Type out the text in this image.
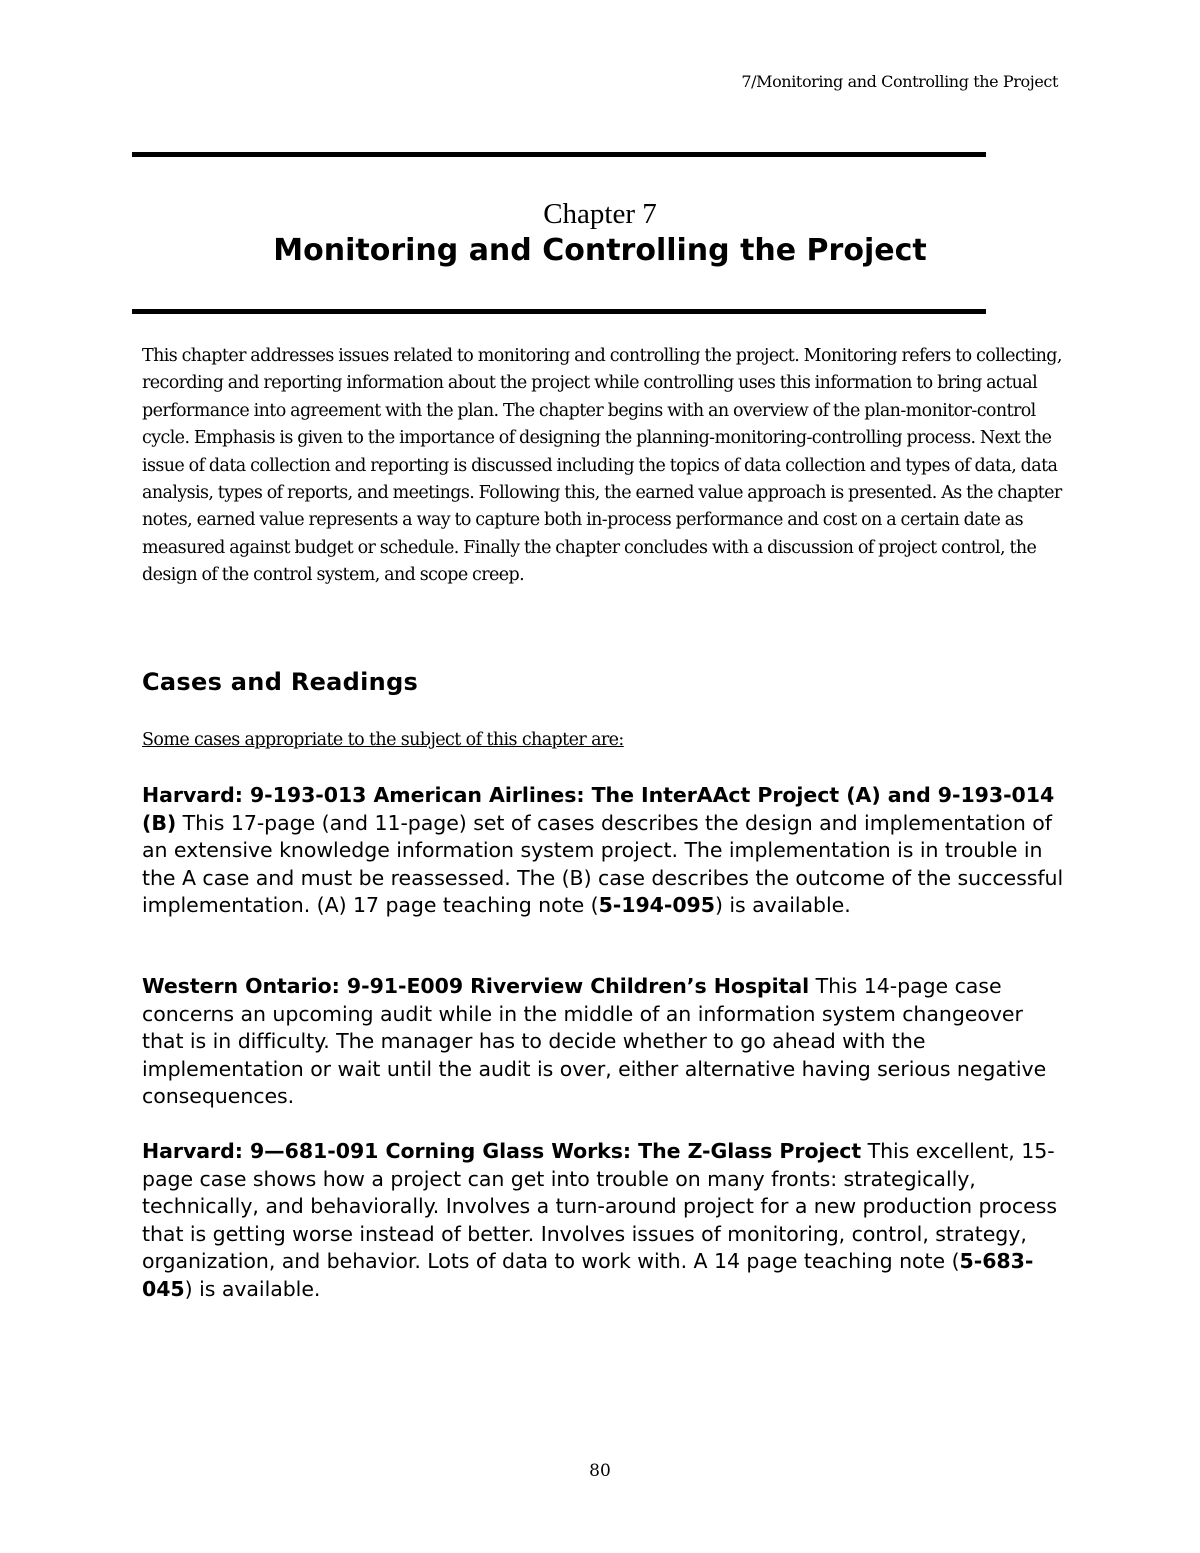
7/Monitoring and Controlling the Project
Chapter 7
Monitoring and Controlling the Project

This chapter addresses issues related to monitoring and controlling the project. Monitoring refers to collecting, recording and reporting information about the project while controlling uses this information to bring actual performance into agreement with the plan. The chapter begins with an overview of the plan-monitor-control cycle. Emphasis is given to the importance of designing the planning-monitoring-controlling process. Next the issue of data collection and reporting is discussed including the topics of data collection and types of data, data analysis, types of reports, and meetings. Following this, the earned value approach is presented. As the chapter notes, earned value represents a way to capture both in-process performance and cost on a certain date as measured against budget or schedule. Finally the chapter concludes with a discussion of project control, the design of the control system, and scope creep.

Cases and Readings

Some cases appropriate to the subject of this chapter are:

Harvard: 9-193-013 American Airlines: The InterAAct Project (A) and 9-193-014 (B) This 17-page (and 11-page) set of cases describes the design and implementation of an extensive knowledge information system project. The implementation is in trouble in the A case and must be reassessed. The (B) case describes the outcome of the successful implementation. (A) 17 page teaching note (5-194-095) is available.

Western Ontario: 9-91-E009 Riverview Children’s Hospital This 14-page case concerns an upcoming audit while in the middle of an information system changeover that is in difficulty. The manager has to decide whether to go ahead with the implementation or wait until the audit is over, either alternative having serious negative consequences.

Harvard: 9—681-091 Corning Glass Works: The Z-Glass Project This excellent, 15-page case shows how a project can get into trouble on many fronts: strategically, technically, and behaviorally. Involves a turn-around project for a new production process that is getting worse instead of better. Involves issues of monitoring, control, strategy, organization, and behavior. Lots of data to work with. A 14 page teaching note (5-683-045) is available.

80
